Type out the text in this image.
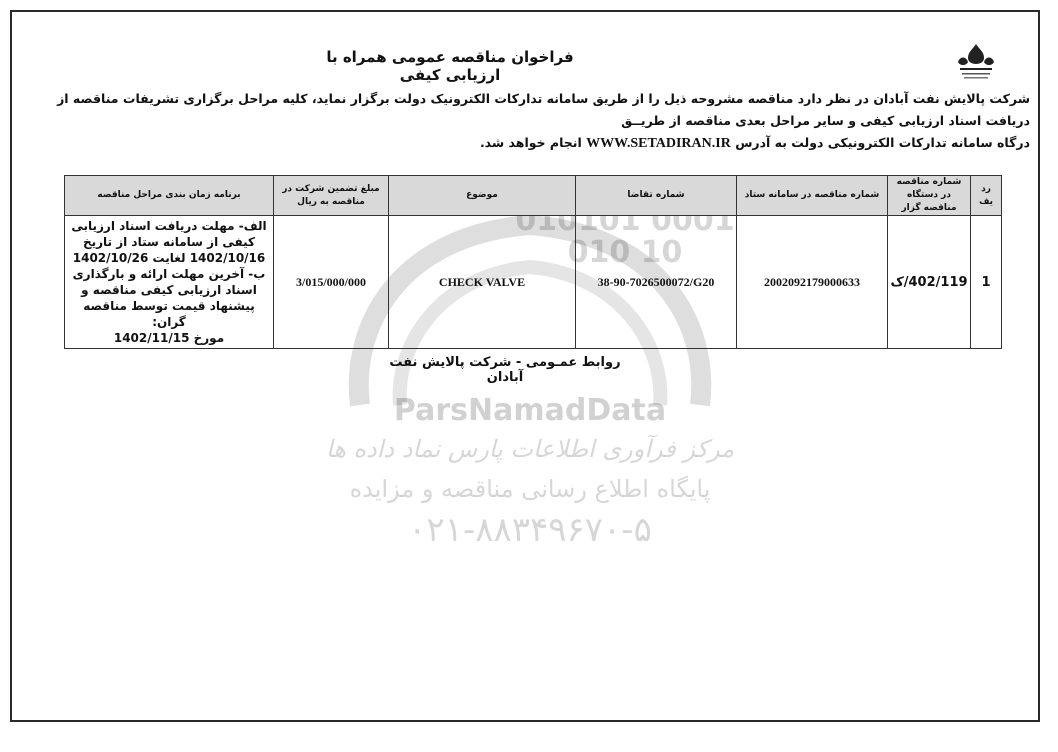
فراخوان مناقصه عمومی همراه با ارزیابی کیفی
شرکت پالایش نفت آبادان در نظر دارد مناقصه مشروحه ذیل را از طریق سامانه تدارکات الکترونیک دولت برگزار نماید، کلیه مراحل برگزاری تشریفات مناقصه از دریافت اسناد ارزیابی کیفی و سایر مراحل بعدی مناقصه از طریــق
درگاه سامانه تدارکات الکترونیکی دولت به آدرس WWW.SETADIRAN.IR انجام خواهد شد.
010101 0001 010 10
ParsNamadData
مرکز فرآوری اطلاعات پارس نماد داده ها
پایگاه اطلاع رسانی مناقصه و مزایده
۰۲۱-۸۸۳۴۹۶۷۰-۵
رد یف	شماره مناقصه در دستگاه مناقصه گزار	شماره مناقصه در سامانه ستاد	شماره تقاضا	موضوع	مبلغ تضمین شرکت در مناقصه به ریال	برنامه زمان بندی مراحل مناقصه
1	402/119/ک	2002092179000633	38-90-7026500072/G20	CHECK VALVE	3/015/000/000	الف- مهلت دریافت اسناد ارزیابی کیفی از سامانه ستاد از تاریخ 1402/10/16 لغایت 1402/10/26
ب- آخرین مهلت ارائه و بارگذاری اسناد ارزیابی کیفی مناقصه و پیشنهاد قیمت توسط مناقصه گران:
مورخ 1402/11/15
روابط عمـومی - شرکت پالایش نفت آبادان
